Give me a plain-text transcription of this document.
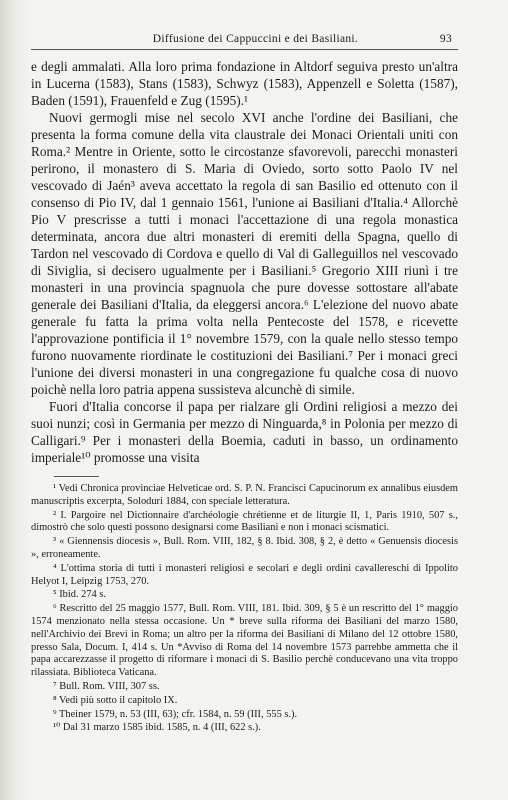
Diffusione dei Cappuccini e dei Basiliani.	93

e degli ammalati. Alla loro prima fondazione in Altdorf seguiva presto un'altra in Lucerna (1583), Stans (1583), Schwyz (1583), Appenzell e Soletta (1587), Baden (1591), Frauenfeld e Zug (1595).¹

Nuovi germogli mise nel secolo XVI anche l'ordine dei Basiliani, che presenta la forma comune della vita claustrale dei Monaci Orientali uniti con Roma.² Mentre in Oriente, sotto le circostanze sfavorevoli, parecchi monasteri perirono, il monastero di S. Maria di Oviedo, sorto sotto Paolo IV nel vescovado di Jaén³ aveva accettato la regola di san Basilio ed ottenuto con il consenso di Pio IV, dal 1 gennaio 1561, l'unione ai Basiliani d'Italia.⁴ Allorchè Pio V prescrisse a tutti i monaci l'accettazione di una regola monastica determinata, ancora due altri monasteri di eremiti della Spagna, quello di Tardon nel vescovado di Cordova e quello di Val di Galleguillos nel vescovado di Siviglia, si decisero ugualmente per i Basiliani.⁵ Gregorio XIII riunì i tre monasteri in una provincia spagnuola che pure dovesse sottostare all'abate generale dei Basiliani d'Italia, da eleggersi ancora.⁶ L'elezione del nuovo abate generale fu fatta la prima volta nella Pentecoste del 1578, e ricevette l'approvazione pontificia il 1° novembre 1579, con la quale nello stesso tempo furono nuovamente riordinate le costituzioni dei Basiliani.⁷ Per i monaci greci l'unione dei diversi monasteri in una congregazione fu qualche cosa di nuovo poichè nella loro patria appena sussisteva alcunchè di simile.

Fuori d'Italia concorse il papa per rialzare gli Ordini religiosi a mezzo dei suoi nunzi; così in Germania per mezzo di Ninguarda,⁸ in Polonia per mezzo di Calligari.⁹ Per i monasteri della Boemia, caduti in basso, un ordinamento imperiale¹⁰ promosse una visita

¹ Vedi Chronica provinciae Helveticae ord. S. P. N. Francisci Capucinorum ex annalibus eiusdem manuscriptis excerpta, Soloduri 1884, con speciale letteratura.
² I. Pargoire nel Dictionnaire d'archéologie chrétienne et de liturgie II, 1, Paris 1910, 507 s., dimostrò che solo questi possono designarsi come Basiliani e non i monaci scismatici.
³ « Giennensis diocesis », Bull. Rom. VIII, 182, § 8. Ibid. 308, § 2, è detto « Genuensis diocesis », erroneamente.
⁴ L'ottima storia di tutti i monasteri religiosi e secolari e degli ordini cavallereschi di Ippolito Helyot I, Leipzig 1753, 270.
⁵ Ibid. 274 s.
⁶ Rescritto del 25 maggio 1577, Bull. Rom. VIII, 181. Ibid. 309, § 5 è un rescritto del 1° maggio 1574 menzionato nella stessa occasione. Un * breve sulla riforma dei Basiliani del marzo 1580, nell'Archivio dei Brevi in Roma; un altro per la riforma dei Basiliani di Milano del 12 ottobre 1580, presso Sala, Docum. I, 414 s. Un *Avviso di Roma del 14 novembre 1573 parrebbe ammetta che il papa accarezzasse il progetto di riformare i monaci di S. Basilio perchè conducevano una vita troppo rilassiata. Biblioteca Vaticana.
⁷ Bull. Rom. VIII, 307 ss.
⁸ Vedi più sotto il capitolo IX.
⁹ Theiner 1579, n. 53 (III, 63); cfr. 1584, n. 59 (III, 555 s.).
¹⁰ Dal 31 marzo 1585 ibid. 1585, n. 4 (III, 622 s.).
